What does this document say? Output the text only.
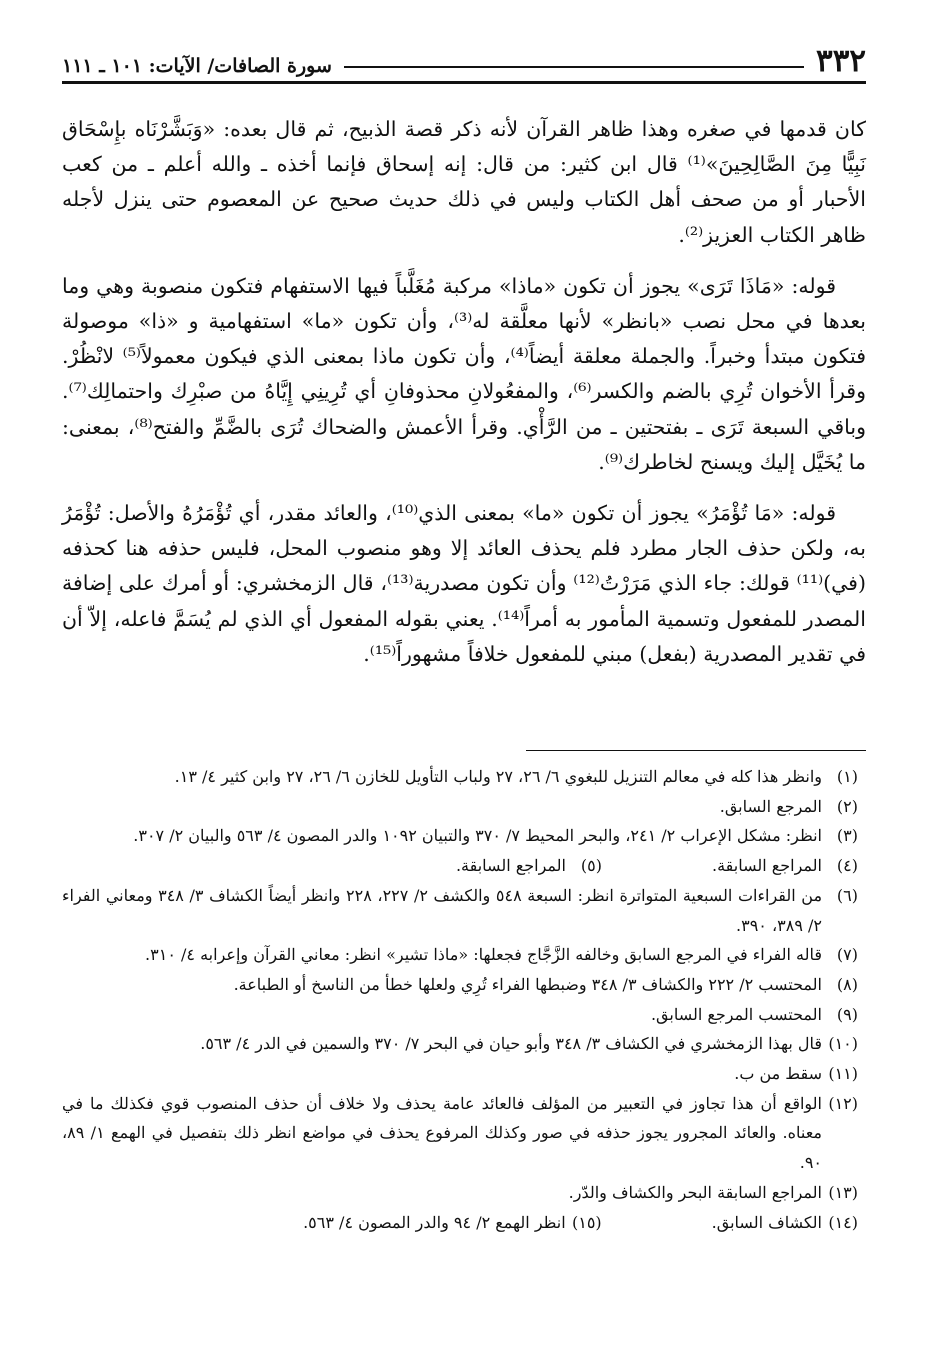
٣٣٢
سورة الصافات/ الآيات: ١٠١ ـ ١١١

كان قدمها في صغره وهذا ظاهر القرآن لأنه ذكر قصة الذبيح، ثم قال بعده: «وَبَشَّرْنَاه بإِسْحَاق نَبِيًّا مِنَ الصَّالِحِينَ»⁽¹⁾ قال ابن كثير: من قال: إنه إسحاق فإنما أخذه ـ والله أعلم ـ من كعب الأحبار أو من صحف أهل الكتاب وليس في ذلك حديث صحيح عن المعصوم حتى ينزل لأجله ظاهر الكتاب العزيز⁽²⁾.

قوله: «مَاذَا تَرَى» يجوز أن تكون «ماذا» مركبة مُغَلَّباً فيها الاستفهام فتكون منصوبة وهي وما بعدها في محل نصب «بانظر» لأنها معلَّقة له⁽³⁾، وأن تكون «ما» استفهامية و «ذا» موصولة فتكون مبتدأ وخبراً. والجملة معلقة أيضاً⁽⁴⁾، وأن تكون ماذا بمعنى الذي فيكون معمولاً⁽⁵⁾ لانْظُرْ. وقرأ الأخوان تُرِي بالضم والكسر⁽⁶⁾، والمفعُولانِ محذوفانِ أي تُرِينِي إِيَّاهُ من صبْرِك واحتمالِك⁽⁷⁾. وباقي السبعة تَرَى ـ بفتحتين ـ من الرَّأْي. وقرأ الأعمش والضحاك تُرَى بالضَّمِّ والفتح⁽⁸⁾، بمعنى: ما يُخَيَّل إليك ويسنح لخاطرك⁽⁹⁾.

قوله: «مَا تُؤْمَرُ» يجوز أن تكون «ما» بمعنى الذي⁽¹⁰⁾، والعائد مقدر، أي تُؤْمَرُهُ والأصل: تُؤْمَرُ به، ولكن حذف الجار مطرد فلم يحذف العائد إلا وهو منصوب المحل، فليس حذفه هنا كحذفه (في)⁽¹¹⁾ قولك: جاء الذي مَرَرْتُ⁽¹²⁾ وأن تكون مصدرية⁽¹³⁾، قال الزمخشري: أو أمرك على إضافة المصدر للمفعول وتسمية المأمور به أمراً⁽¹⁴⁾. يعني بقوله المفعول أي الذي لم يُسَمَّ فاعله، إلاّ أن في تقدير المصدرية (بفعل) مبني للمفعول خلافاً مشهوراً⁽¹⁵⁾.

(١)
وانظر هذا كله في معالم التنزيل للبغوي ٦/ ٢٦، ٢٧ ولباب التأويل للخازن ٦/ ٢٦، ٢٧ وابن كثير ٤/ ١٣.
(٢)
المرجع السابق.
(٣)
انظر: مشكل الإعراب ٢/ ٢٤١، والبحر المحيط ٧/ ٣٧٠ والتبيان ١٠٩٢ والدر المصون ٤/ ٥٦٣ والبيان ٢/ ٣٠٧.
(٤)
المراجع السابقة.
(٥)
المراجع السابقة.
(٦)
من القراءات السبعية المتواترة انظر: السبعة ٥٤٨ والكشف ٢/ ٢٢٧، ٢٢٨ وانظر أيضاً الكشاف ٣/ ٣٤٨ ومعاني الفراء ٢/ ٣٨٩، ٣٩٠.
(٧)
قاله الفراء في المرجع السابق وخالفه الزَّجَّاج فجعلها: «ماذا تشير» انظر: معاني القرآن وإعرابه ٤/ ٣١٠.
(٨)
المحتسب ٢/ ٢٢٢ والكشاف ٣/ ٣٤٨ وضبطها الفراء تُرِي ولعلها خطأ من الناسخ أو الطباعة.
(٩)
المحتسب المرجع السابق.
(١٠)
قال بهذا الزمخشري في الكشاف ٣/ ٣٤٨ وأبو حيان في البحر ٧/ ٣٧٠ والسمين في الدر ٤/ ٥٦٣.
(١١)
سقط من ب.
(١٢)
الواقع أن هذا تجاوز في التعبير من المؤلف فالعائد عامة يحذف ولا خلاف أن حذف المنصوب قوي فكذلك ما في معناه. والعائد المجرور يجوز حذفه في صور وكذلك المرفوع يحذف في مواضع انظر ذلك بتفصيل في الهمع ١/ ٨٩، ٩٠.
(١٣)
المراجع السابقة البحر والكشاف والدّر.
(١٤)
الكشاف السابق.
(١٥)
انظر الهمع ٢/ ٩٤ والدر المصون ٤/ ٥٦٣.
